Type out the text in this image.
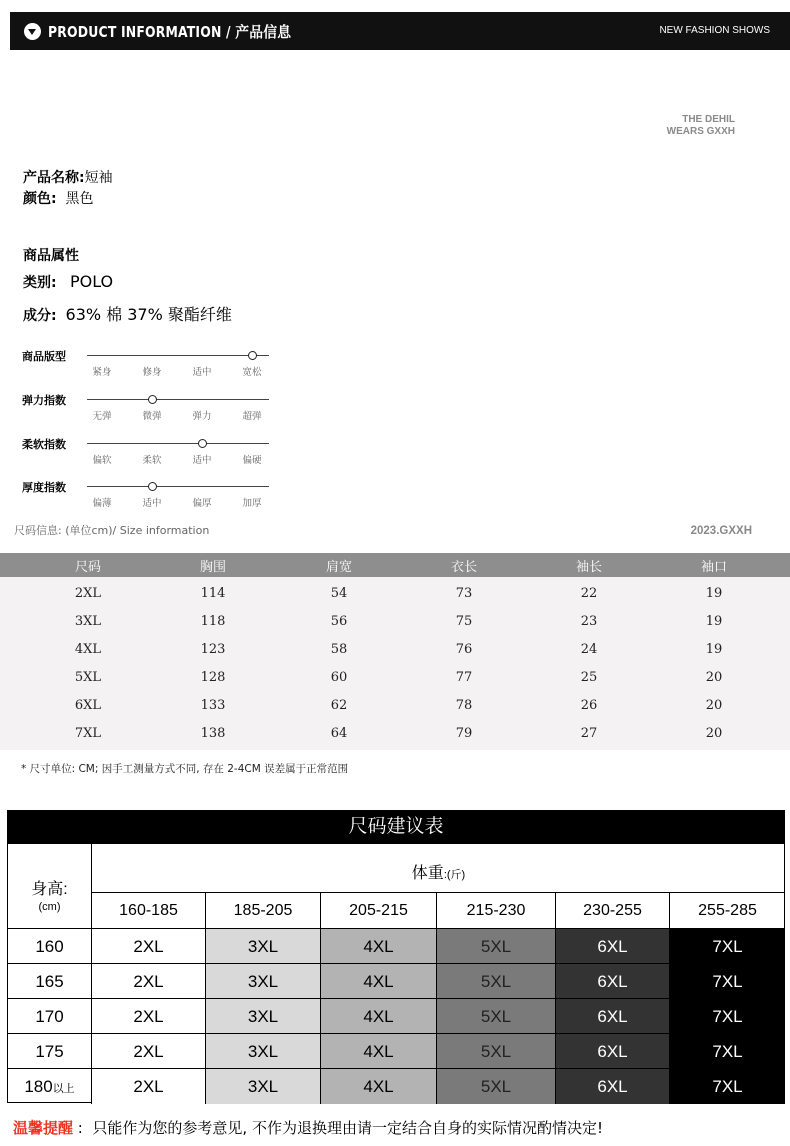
PRODUCT INFORMATION / 产品信息	NEW FASHION SHOWS
THE DEHIL
WEARS GXXH
产品名称:短袖
颜色: 黑色
商品属性
类别: POLO
成分: 63% 棉 37% 聚酯纤维
商品版型
紧身	修身	适中	宽松
弹力指数
无弹	微弹	弹力	超弹
柔软指数
偏软	柔软	适中	偏硬
厚度指数
偏薄	适中	偏厚	加厚
尺码信息: (单位cm)/ Size information	2023.GXXH
尺码	胸围	肩宽	衣长	袖长	袖口
2XL	114	54	73	22	19
3XL	118	56	75	23	19
4XL	123	58	76	24	19
5XL	128	60	77	25	20
6XL	133	62	78	26	20
7XL	138	64	79	27	20
* 尺寸单位: CM; 因手工测量方式不同, 存在 2-4CM 误差属于正常范围
尺码建议表
身高:
(cm)
体重:(斤)
160-185	185-205	205-215	215-230	230-255	255-285
160	2XL	3XL	4XL	5XL	6XL	7XL
165	2XL	3XL	4XL	5XL	6XL	7XL
170	2XL	3XL	4XL	5XL	6XL	7XL
175	2XL	3XL	4XL	5XL	6XL	7XL
180以上	2XL	3XL	4XL	5XL	6XL	7XL
温馨提醒 : 只能作为您的参考意见, 不作为退换理由请一定结合自身的实际情况酌情决定!
